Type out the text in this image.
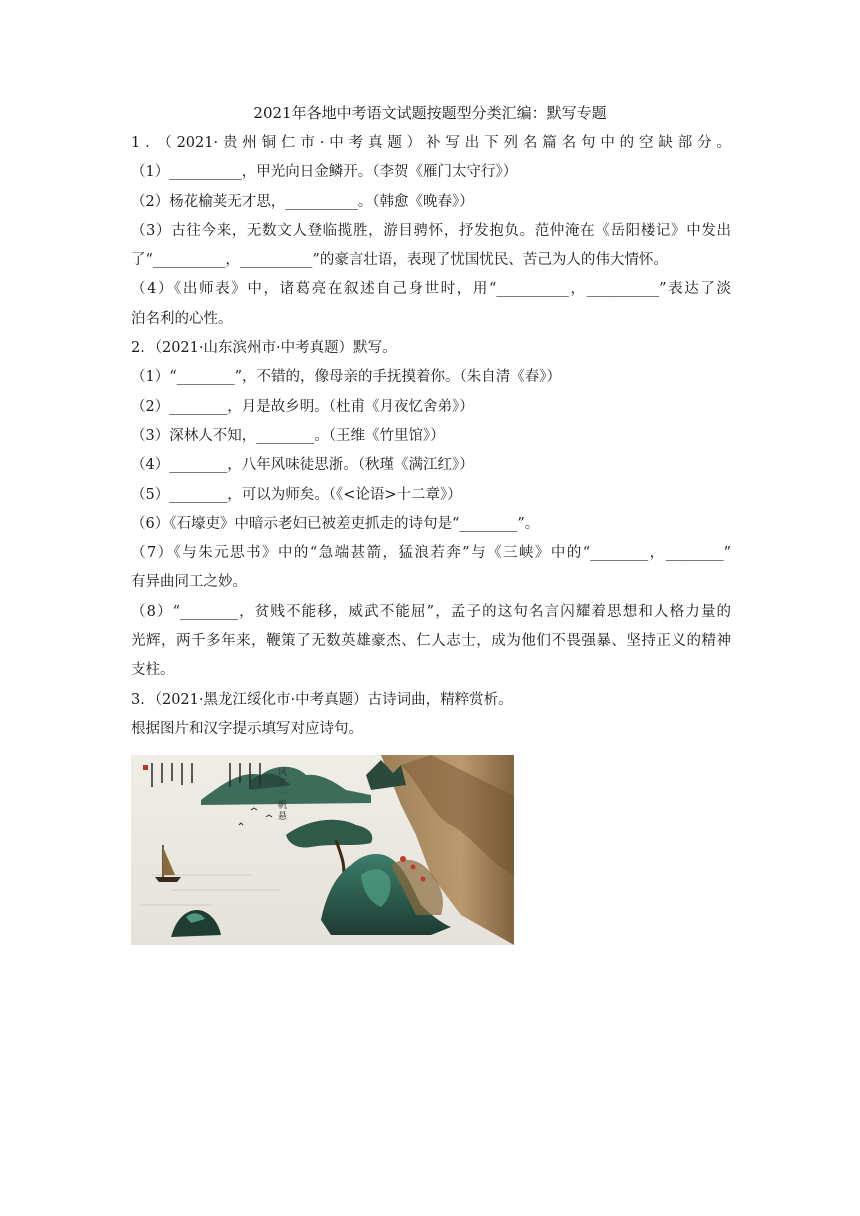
2021年各地中考语文试题按题型分类汇编：默写专题
1．（2021·贵州铜仁市·中考真题）补写出下列名篇名句中的空缺部分。
（1）__________，甲光向日金鳞开。（李贺《雁门太守行》）
（2）杨花榆荚无才思，__________。（韩愈《晚春》）
（3）古往今来，无数文人登临揽胜，游目骋怀，抒发抱负。范仲淹在《岳阳楼记》中发出
了“__________，__________”的豪言壮语，表现了忧国忧民、苦己为人的伟大情怀。
（4）《出师表》中，诸葛亮在叙述自己身世时，用“__________，__________”表达了淡
泊名利的心性。
2．（2021·山东滨州市·中考真题）默写。
（1）“________”，不错的，像母亲的手抚摸着你。（朱自清《春》）
（2）________，月是故乡明。（杜甫《月夜忆舍弟》）
（3）深林人不知，________。（王维《竹里馆》）
（4）________，八年风味徒思浙。（秋瑾《满江红》）
（5）________，可以为师矣。（《<论语>十二章》）
（6）《石壕吏》中暗示老妇已被差吏抓走的诗句是“________”。
（7）《与朱元思书》中的“急端甚箭，猛浪若奔”与《三峡》中的“________，________”
有异曲同工之妙。
（8）“________，贫贱不能移，威武不能屈”，孟子的这句名言闪耀着思想和人格力量的
光辉，两千多年来，鞭策了无数英雄豪杰、仁人志士，成为他们不畏强暴、坚持正义的精神
支柱。
3．（2021·黑龙江绥化市·中考真题）古诗词曲，精粹赏析。
根据图片和汉字提示填写对应诗句。
风正一帆悬
